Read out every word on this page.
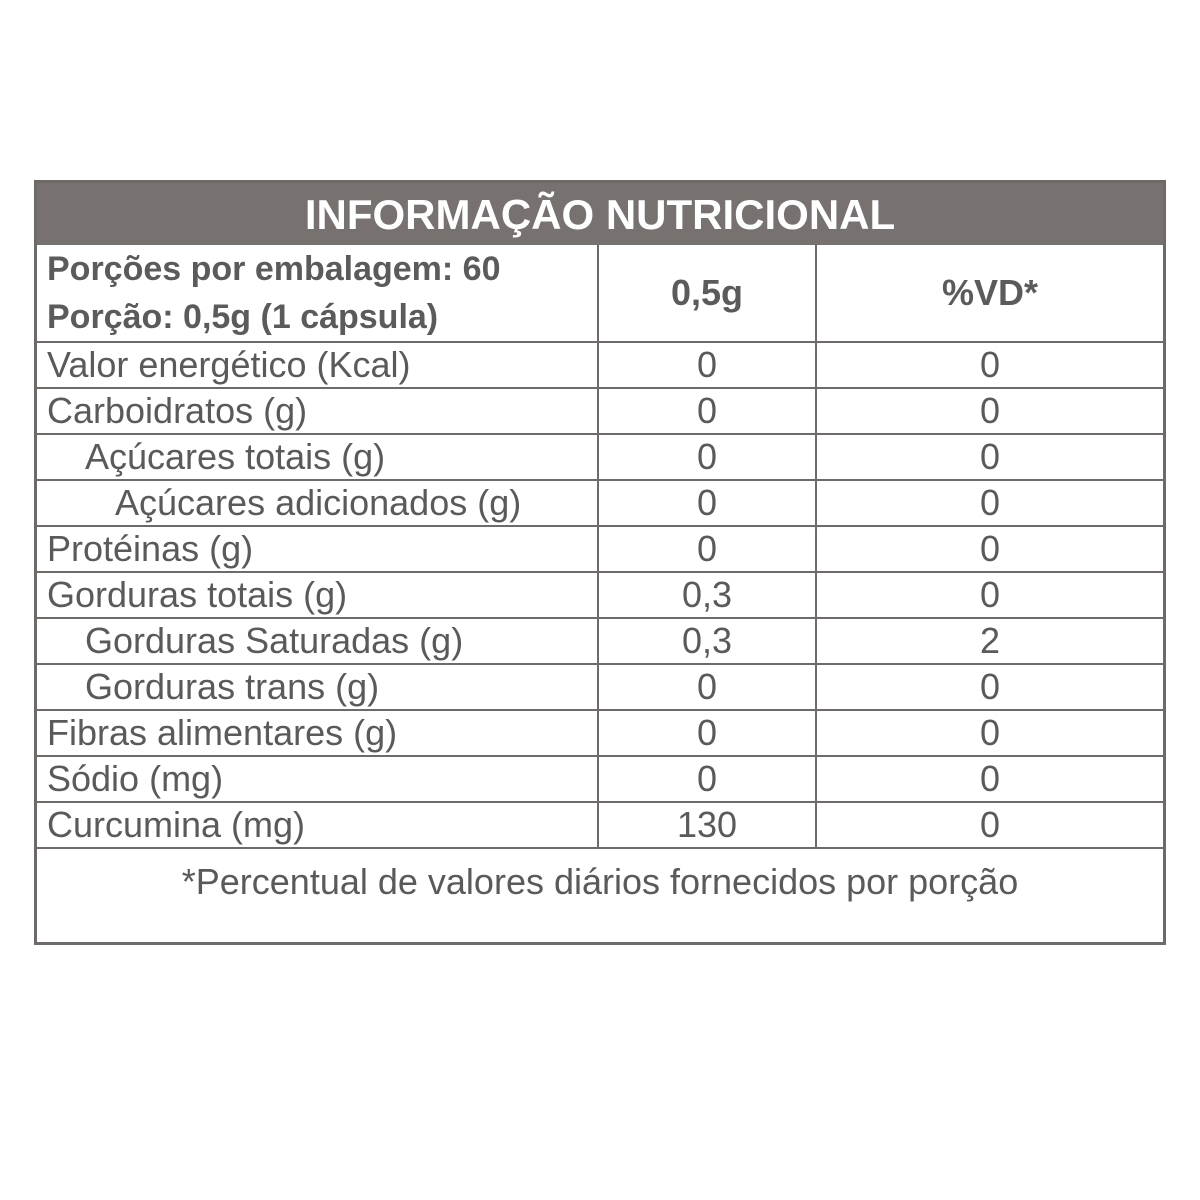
INFORMAÇÃO NUTRICIONAL
Porções por embalagem: 60
Porção: 0,5g (1 cápsula)	0,5g	%VD*
Valor energético (Kcal)	0	0
Carboidratos (g)	0	0
Açúcares totais (g)	0	0
Açúcares adicionados (g)	0	0
Protéinas (g)	0	0
Gorduras totais (g)	0,3	0
Gorduras Saturadas (g)	0,3	2
Gorduras trans (g)	0	0
Fibras alimentares (g)	0	0
Sódio (mg)	0	0
Curcumina (mg)	130	0
*Percentual de valores diários fornecidos por porção		
